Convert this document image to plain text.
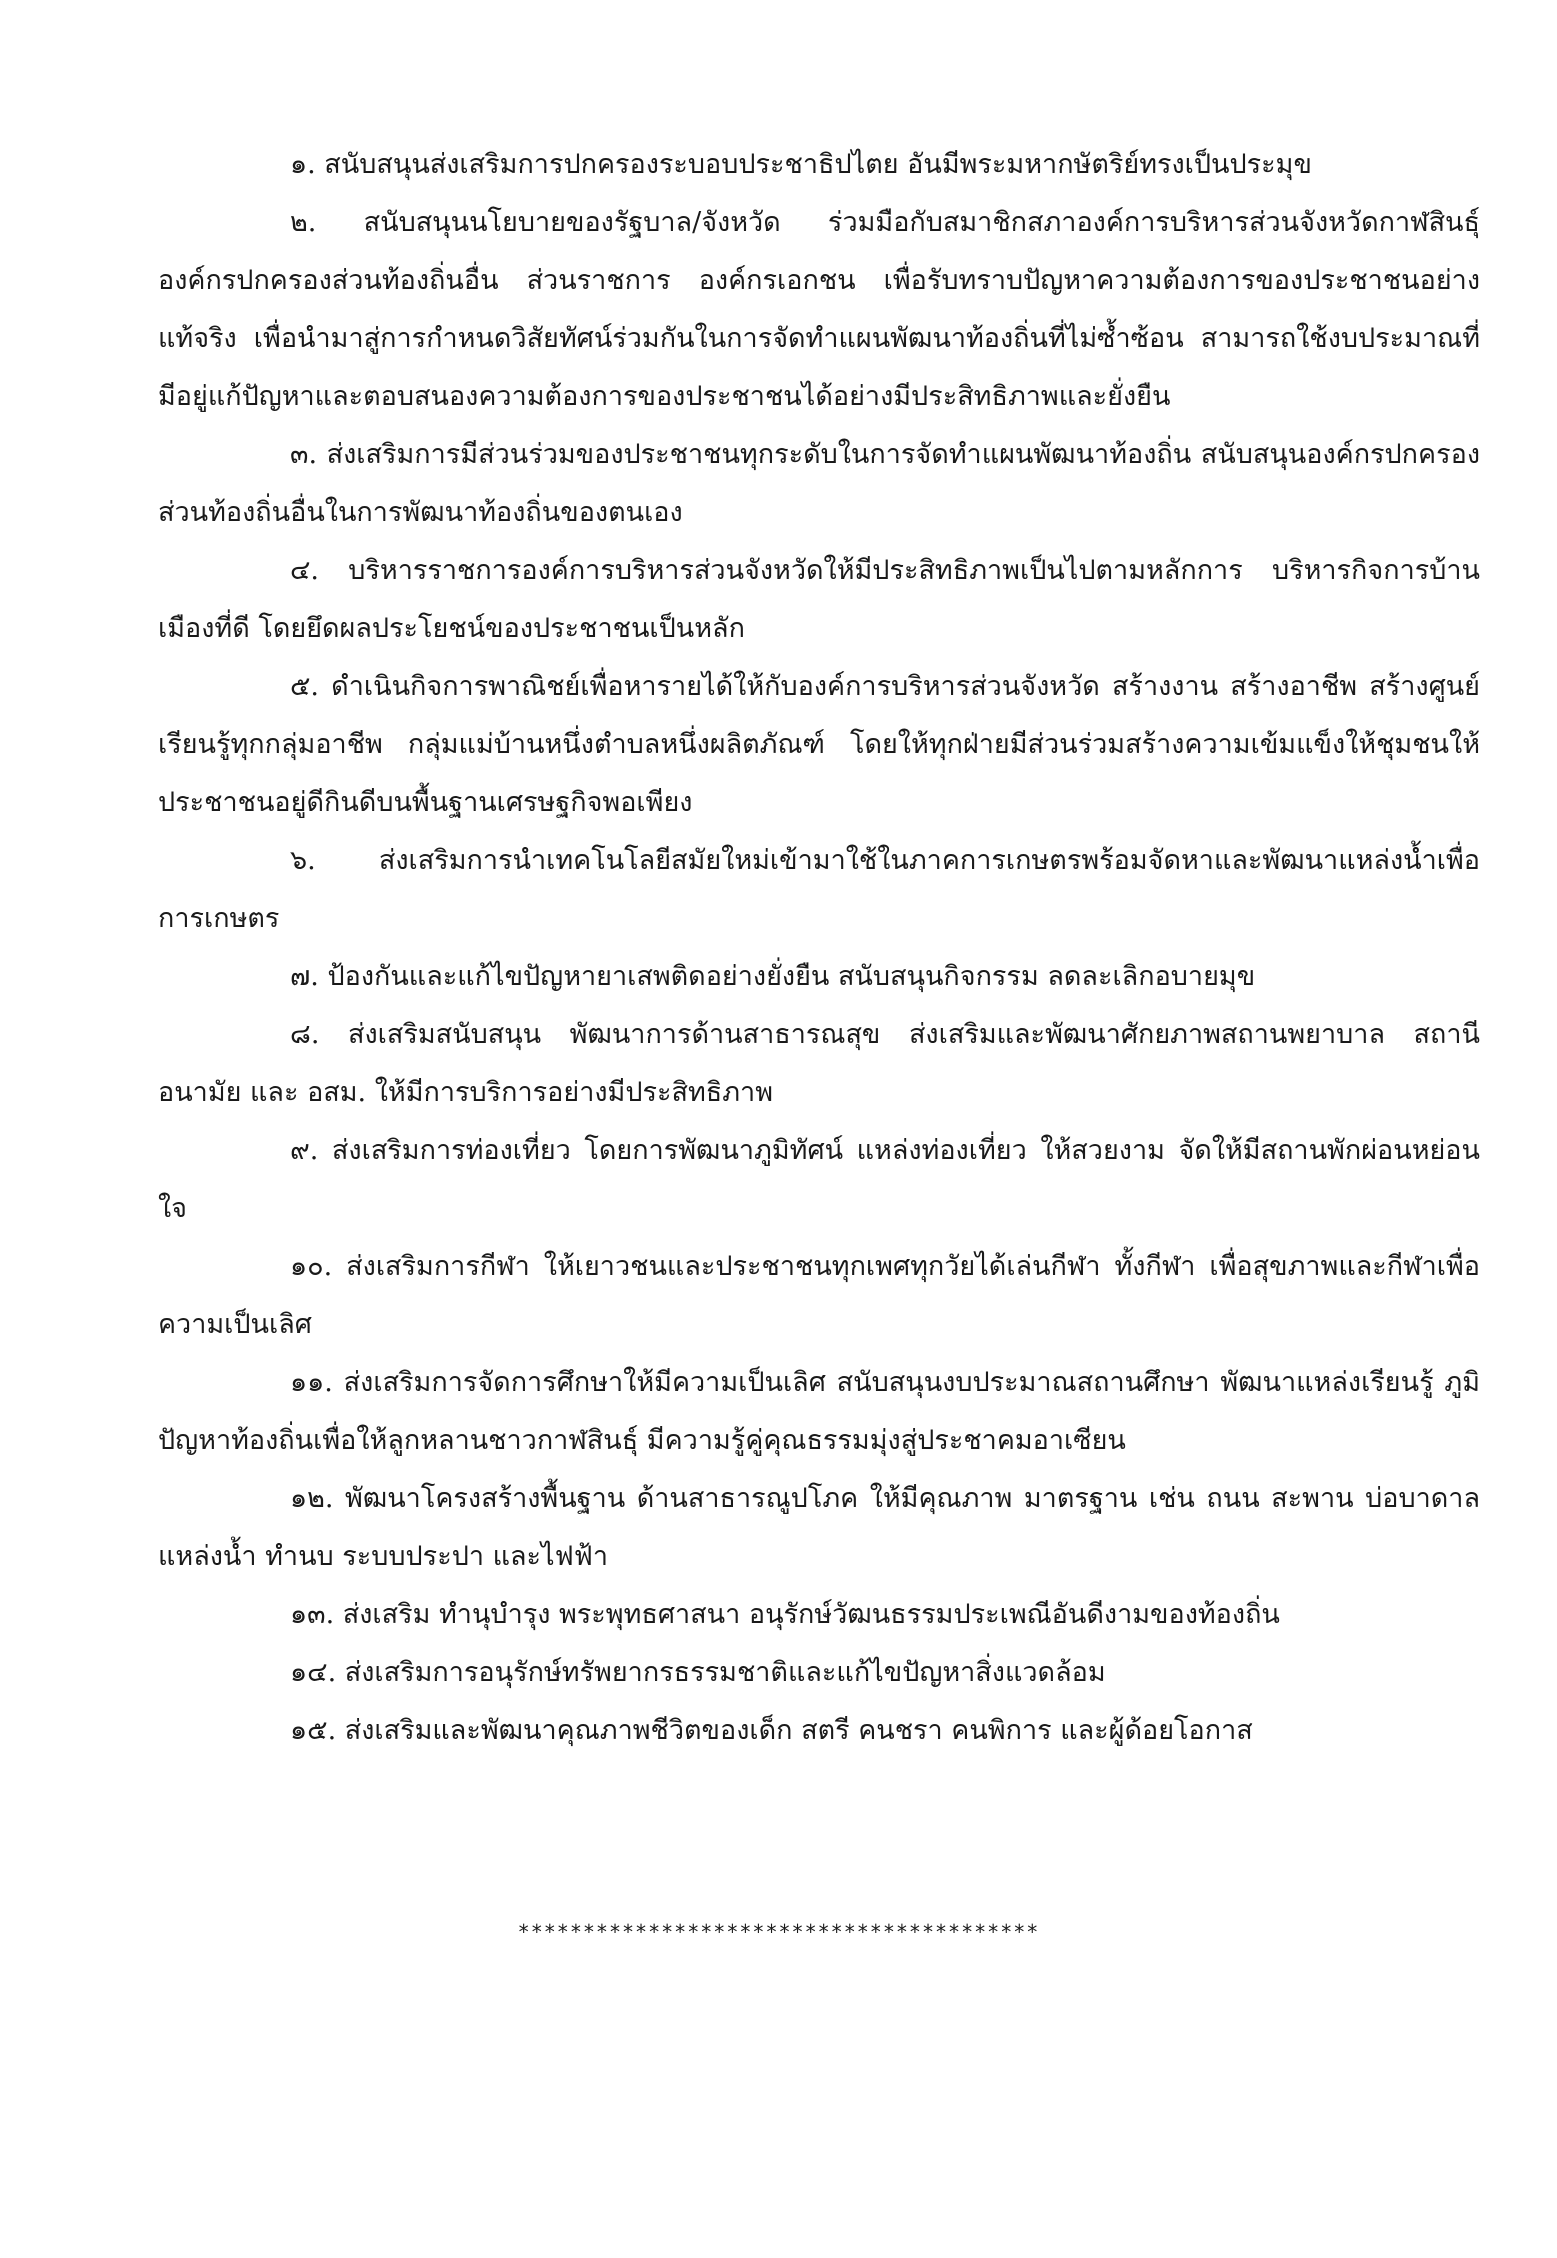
๑. สนับสนุนส่งเสริมการปกครองระบอบประชาธิปไตย อันมีพระมหากษัตริย์ทรงเป็นประมุข

๒. สนับสนุนนโยบายของรัฐบาล/จังหวัด ร่วมมือกับสมาชิกสภาองค์การบริหารส่วนจังหวัดกาฬสินธุ์ องค์กรปกครองส่วนท้องถิ่นอื่น ส่วนราชการ องค์กรเอกชน เพื่อรับทราบปัญหาความต้องการของประชาชนอย่างแท้จริง เพื่อนำมาสู่การกำหนดวิสัยทัศน์ร่วมกันในการจัดทำแผนพัฒนาท้องถิ่นที่ไม่ซ้ำซ้อน สามารถใช้งบประมาณที่มีอยู่แก้ปัญหาและตอบสนองความต้องการของประชาชนได้อย่างมีประสิทธิภาพและยั่งยืน

๓. ส่งเสริมการมีส่วนร่วมของประชาชนทุกระดับในการจัดทำแผนพัฒนาท้องถิ่น สนับสนุนองค์กรปกครองส่วนท้องถิ่นอื่นในการพัฒนาท้องถิ่นของตนเอง

๔. บริหารราชการองค์การบริหารส่วนจังหวัดให้มีประสิทธิภาพเป็นไปตามหลักการ บริหารกิจการบ้านเมืองที่ดี โดยยึดผลประโยชน์ของประชาชนเป็นหลัก

๕. ดำเนินกิจการพาณิชย์เพื่อหารายได้ให้กับองค์การบริหารส่วนจังหวัด สร้างงาน สร้างอาชีพ สร้างศูนย์เรียนรู้ทุกกลุ่มอาชีพ กลุ่มแม่บ้านหนึ่งตำบลหนึ่งผลิตภัณฑ์ โดยให้ทุกฝ่ายมีส่วนร่วมสร้างความเข้มแข็งให้ชุมชนให้ประชาชนอยู่ดีกินดีบนพื้นฐานเศรษฐกิจพอเพียง

๖. ส่งเสริมการนำเทคโนโลยีสมัยใหม่เข้ามาใช้ในภาคการเกษตรพร้อมจัดหาและพัฒนาแหล่งน้ำเพื่อการเกษตร

๗. ป้องกันและแก้ไขปัญหายาเสพติดอย่างยั่งยืน สนับสนุนกิจกรรม ลดละเลิกอบายมุข

๘. ส่งเสริมสนับสนุน พัฒนาการด้านสาธารณสุข ส่งเสริมและพัฒนาศักยภาพสถานพยาบาล สถานีอนามัย และ อสม. ให้มีการบริการอย่างมีประสิทธิภาพ

๙. ส่งเสริมการท่องเที่ยว โดยการพัฒนาภูมิทัศน์ แหล่งท่องเที่ยว ให้สวยงาม จัดให้มีสถานพักผ่อนหย่อนใจ

๑๐. ส่งเสริมการกีฬา ให้เยาวชนและประชาชนทุกเพศทุกวัยได้เล่นกีฬา ทั้งกีฬา เพื่อสุขภาพและกีฬาเพื่อความเป็นเลิศ

๑๑. ส่งเสริมการจัดการศึกษาให้มีความเป็นเลิศ สนับสนุนงบประมาณสถานศึกษา พัฒนาแหล่งเรียนรู้ ภูมิปัญหาท้องถิ่นเพื่อให้ลูกหลานชาวกาฬสินธุ์ มีความรู้คู่คุณธรรมมุ่งสู่ประชาคมอาเซียน

๑๒. พัฒนาโครงสร้างพื้นฐาน ด้านสาธารณูปโภค ให้มีคุณภาพ มาตรฐาน เช่น ถนน สะพาน บ่อบาดาล แหล่งน้ำ ทำนบ ระบบประปา และไฟฟ้า

๑๓. ส่งเสริม ทำนุบำรุง พระพุทธศาสนา อนุรักษ์วัฒนธรรมประเพณีอันดีงามของท้องถิ่น

๑๔. ส่งเสริมการอนุรักษ์ทรัพยากรธรรมชาติและแก้ไขปัญหาสิ่งแวดล้อม

๑๕. ส่งเสริมและพัฒนาคุณภาพชีวิตของเด็ก สตรี คนชรา คนพิการ และผู้ด้อยโอกาส

****************************************
